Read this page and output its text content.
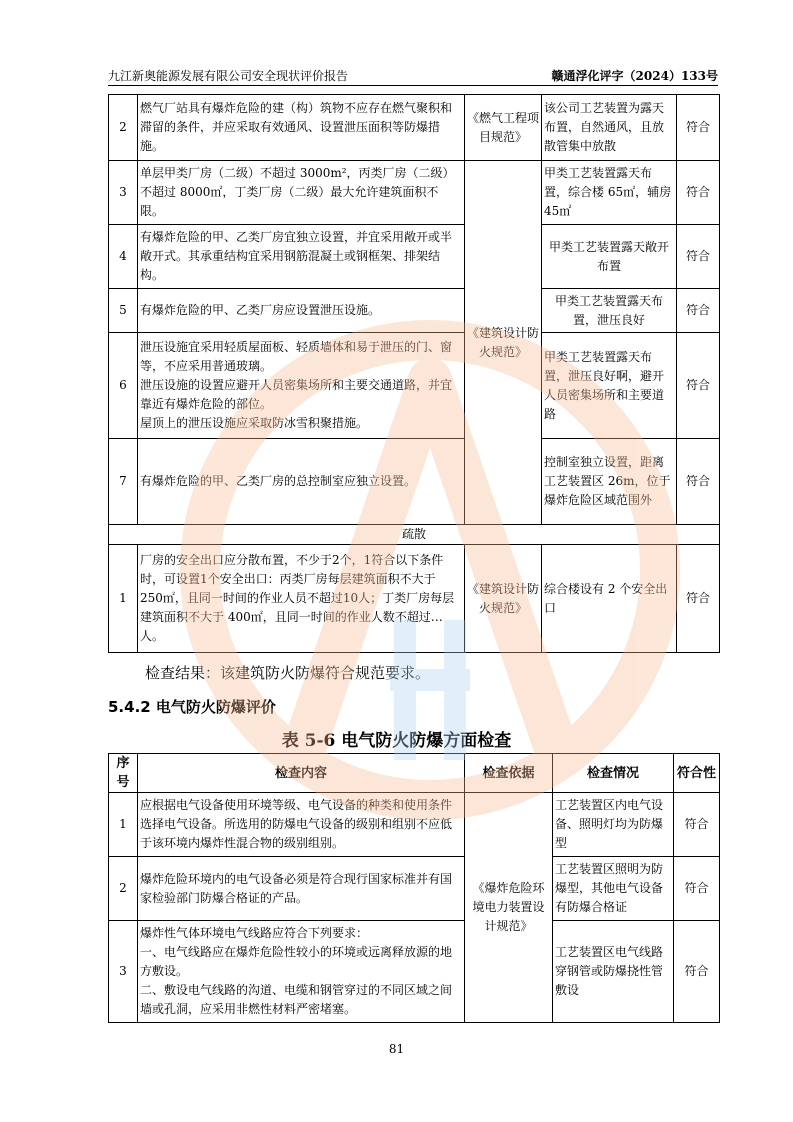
九江新奥能源发展有限公司安全现状评价报告	赣通浮化评字（2024）133号
2	燃气厂站具有爆炸危险的建（构）筑物不应存在燃气聚积和滞留的条件，并应采取有效通风、设置泄压面积等防爆措施。	《燃气工程项目规范》	该公司工艺装置为露天布置，自然通风，且放散管集中放散	符合
3	单层甲类厂房（二级）不超过 3000m²，丙类厂房（二级）不超过 8000㎡，丁类厂房（二级）最大允许建筑面积不限。	《建筑设计防火规范》	甲类工艺装置露天布置，综合楼 65㎡，辅房 45㎡	符合
4	有爆炸危险的甲、乙类厂房宜独立设置，并宜采用敞开或半敞开式。其承重结构宜采用钢筋混凝土或钢框架、排架结构。		甲类工艺装置露天敞开布置	符合
5	有爆炸危险的甲、乙类厂房应设置泄压设施。		甲类工艺装置露天布置，泄压良好	符合
6	泄压设施宜采用轻质屋面板、轻质墙体和易于泄压的门、窗等，不应采用普通玻璃。
泄压设施的设置应避开人员密集场所和主要交通道路，并宜靠近有爆炸危险的部位。
屋顶上的泄压设施应采取防冰雪积聚措施。		甲类工艺装置露天布置，泄压良好啊，避开人员密集场所和主要道路	符合
7	有爆炸危险的甲、乙类厂房的总控制室应独立设置。		控制室独立设置，距离工艺装置区 26m，位于爆炸危险区域范围外	符合
疏散				
1	厂房的安全出口应分散布置，不少于2个，1符合以下条件时，可设置1个安全出口：丙类厂房每层建筑面积不大于 250㎡，且同一时间的作业人员不超过10人；丁类厂房每层建筑面积不大于 400㎡，且同一时间的作业人数不超过…人。	《建筑设计防火规范》	综合楼设有 2 个安全出口	符合
检查结果：该建筑防火防爆符合规范要求。
5.4.2 电气防火防爆评价
表 5-6 电气防火防爆方面检查
序号	检查内容	检查依据	检查情况	符合性
1	应根据电气设备使用环境等级、电气设备的种类和使用条件选择电气设备。所选用的防爆电气设备的级别和组别不应低于该环境内爆炸性混合物的级别组别。	《爆炸危险环境电力装置设计规范》	工艺装置区内电气设备、照明灯均为防爆型	符合
2	爆炸危险环境内的电气设备必须是符合现行国家标准并有国家检验部门防爆合格证的产品。		工艺装置区照明为防爆型，其他电气设备有防爆合格证	符合
3	爆炸性气体环境电气线路应符合下列要求：
一、电气线路应在爆炸危险性较小的环境或远离释放源的地方敷设。
二、敷设电气线路的沟道、电缆和钢管穿过的不同区域之间墙或孔洞，应采用非燃性材料严密堵塞。		工艺装置区电气线路穿钢管或防爆挠性管敷设	符合
81
